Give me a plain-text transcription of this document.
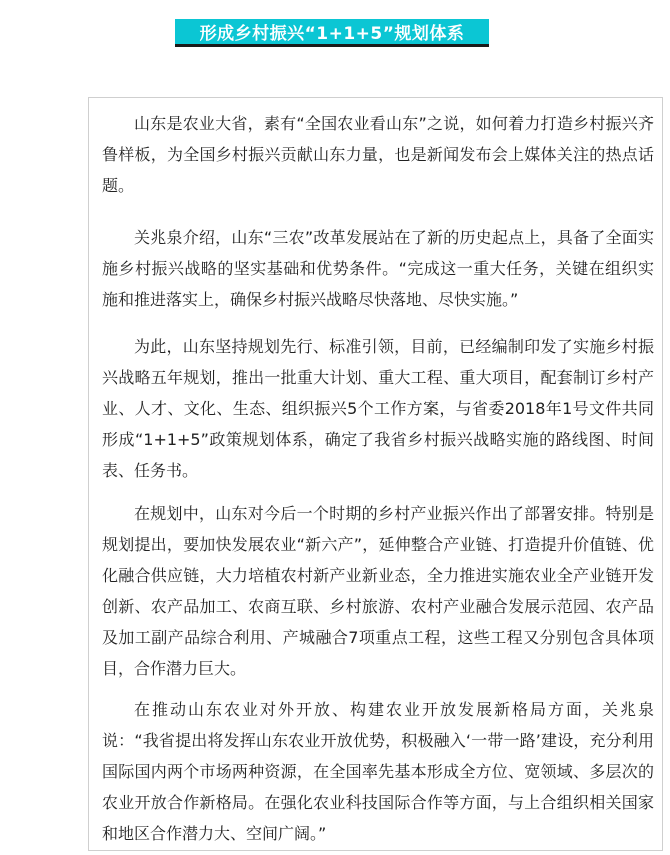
形成乡村振兴“1+1+5”规划体系

山东是农业大省，素有“全国农业看山东”之说，如何着力打造乡村振兴齐鲁样板，为全国乡村振兴贡献山东力量，也是新闻发布会上媒体关注的热点话题。

关兆泉介绍，山东“三农”改革发展站在了新的历史起点上，具备了全面实施乡村振兴战略的坚实基础和优势条件。“完成这一重大任务，关键在组织实施和推进落实上，确保乡村振兴战略尽快落地、尽快实施。”

为此，山东坚持规划先行、标准引领，目前，已经编制印发了实施乡村振兴战略五年规划，推出一批重大计划、重大工程、重大项目，配套制订乡村产业、人才、文化、生态、组织振兴5个工作方案，与省委2018年1号文件共同形成“1+1+5”政策规划体系，确定了我省乡村振兴战略实施的路线图、时间表、任务书。

在规划中，山东对今后一个时期的乡村产业振兴作出了部署安排。特别是规划提出，要加快发展农业“新六产”，延伸整合产业链、打造提升价值链、优化融合供应链，大力培植农村新产业新业态，全力推进实施农业全产业链开发创新、农产品加工、农商互联、乡村旅游、农村产业融合发展示范园、农产品及加工副产品综合利用、产城融合7项重点工程，这些工程又分别包含具体项目，合作潜力巨大。

在推动山东农业对外开放、构建农业开放发展新格局方面，关兆泉说：“我省提出将发挥山东农业开放优势，积极融入‘一带一路’建设，充分利用国际国内两个市场两种资源，在全国率先基本形成全方位、宽领域、多层次的农业开放合作新格局。在强化农业科技国际合作等方面，与上合组织相关国家和地区合作潜力大、空间广阔。”
